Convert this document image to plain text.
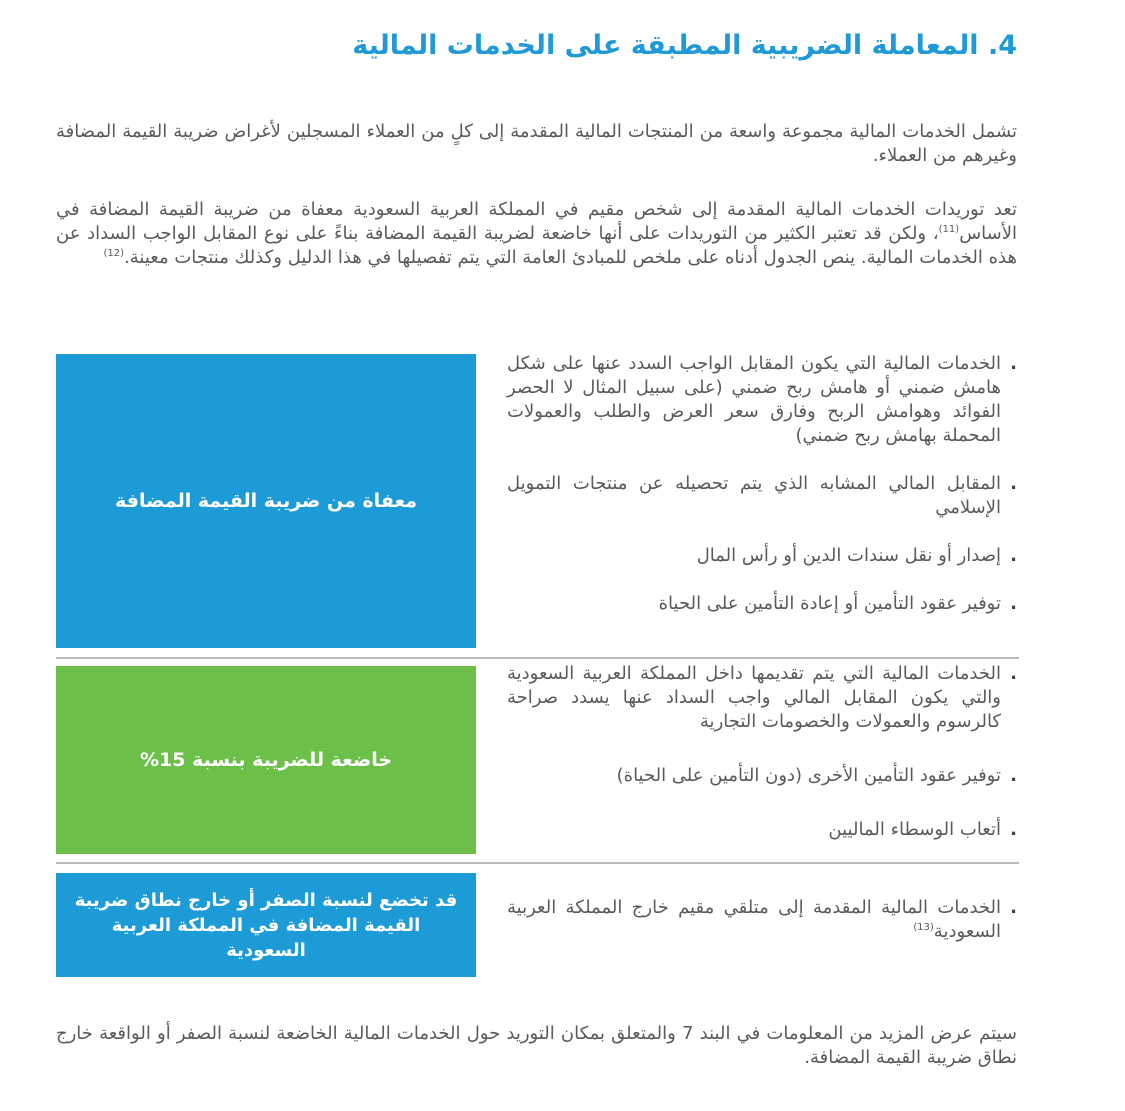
4. المعاملة الضريبية المطبقة على الخدمات المالية

تشمل الخدمات المالية مجموعة واسعة من المنتجات المالية المقدمة إلى كلٍ من العملاء المسجلين لأغراض ضريبة القيمة المضافة وغيرهم من العملاء.

تعد توريدات الخدمات المالية المقدمة إلى شخص مقيم في المملكة العربية السعودية معفاة من ضريبة القيمة المضافة في الأساس$^{(11)}$، ولكن قد تعتبر الكثير من التوريدات على أنها خاضعة لضريبة القيمة المضافة بناءً على نوع المقابل الواجب السداد عن هذه الخدمات المالية. ينص الجدول أدناه على ملخص للمبادئ العامة التي يتم تفصيلها في هذا الدليل وكذلك منتجات معينة.$^{(12)}$

معفاة من ضريبة القيمة المضافة
.
الخدمات المالية التي يكون المقابل الواجب السدد عنها على شكل هامش ضمني أو هامش ربح ضمني (على سبيل المثال لا الحصر الفوائد وهوامش الربح وفارق سعر العرض والطلب والعمولات المحملة بهامش ربح ضمني)
.
المقابل المالي المشابه الذي يتم تحصيله عن منتجات التمويل الإسلامي
.
إصدار أو نقل سندات الدين أو رأس المال
.
توفير عقود التأمين أو إعادة التأمين على الحياة
خاضعة للضريبة بنسبة 15%
.
الخدمات المالية التي يتم تقديمها داخل المملكة العربية السعودية والتي يكون المقابل المالي واجب السداد عنها يسدد صراحة كالرسوم والعمولات والخصومات التجارية
.
توفير عقود التأمين الأخرى (دون التأمين على الحياة)
.
أتعاب الوسطاء الماليين
قد تخضع لنسبة الصفر أو خارج نطاق ضريبة القيمة المضافة في المملكة العربية السعودية
.
الخدمات المالية المقدمة إلى متلقي مقيم خارج المملكة العربية السعودية$^{(13)}$

سيتم عرض المزيد من المعلومات في البند 7 والمتعلق بمكان التوريد حول الخدمات المالية الخاضعة لنسبة الصفر أو الواقعة خارج نطاق ضريبة القيمة المضافة.
